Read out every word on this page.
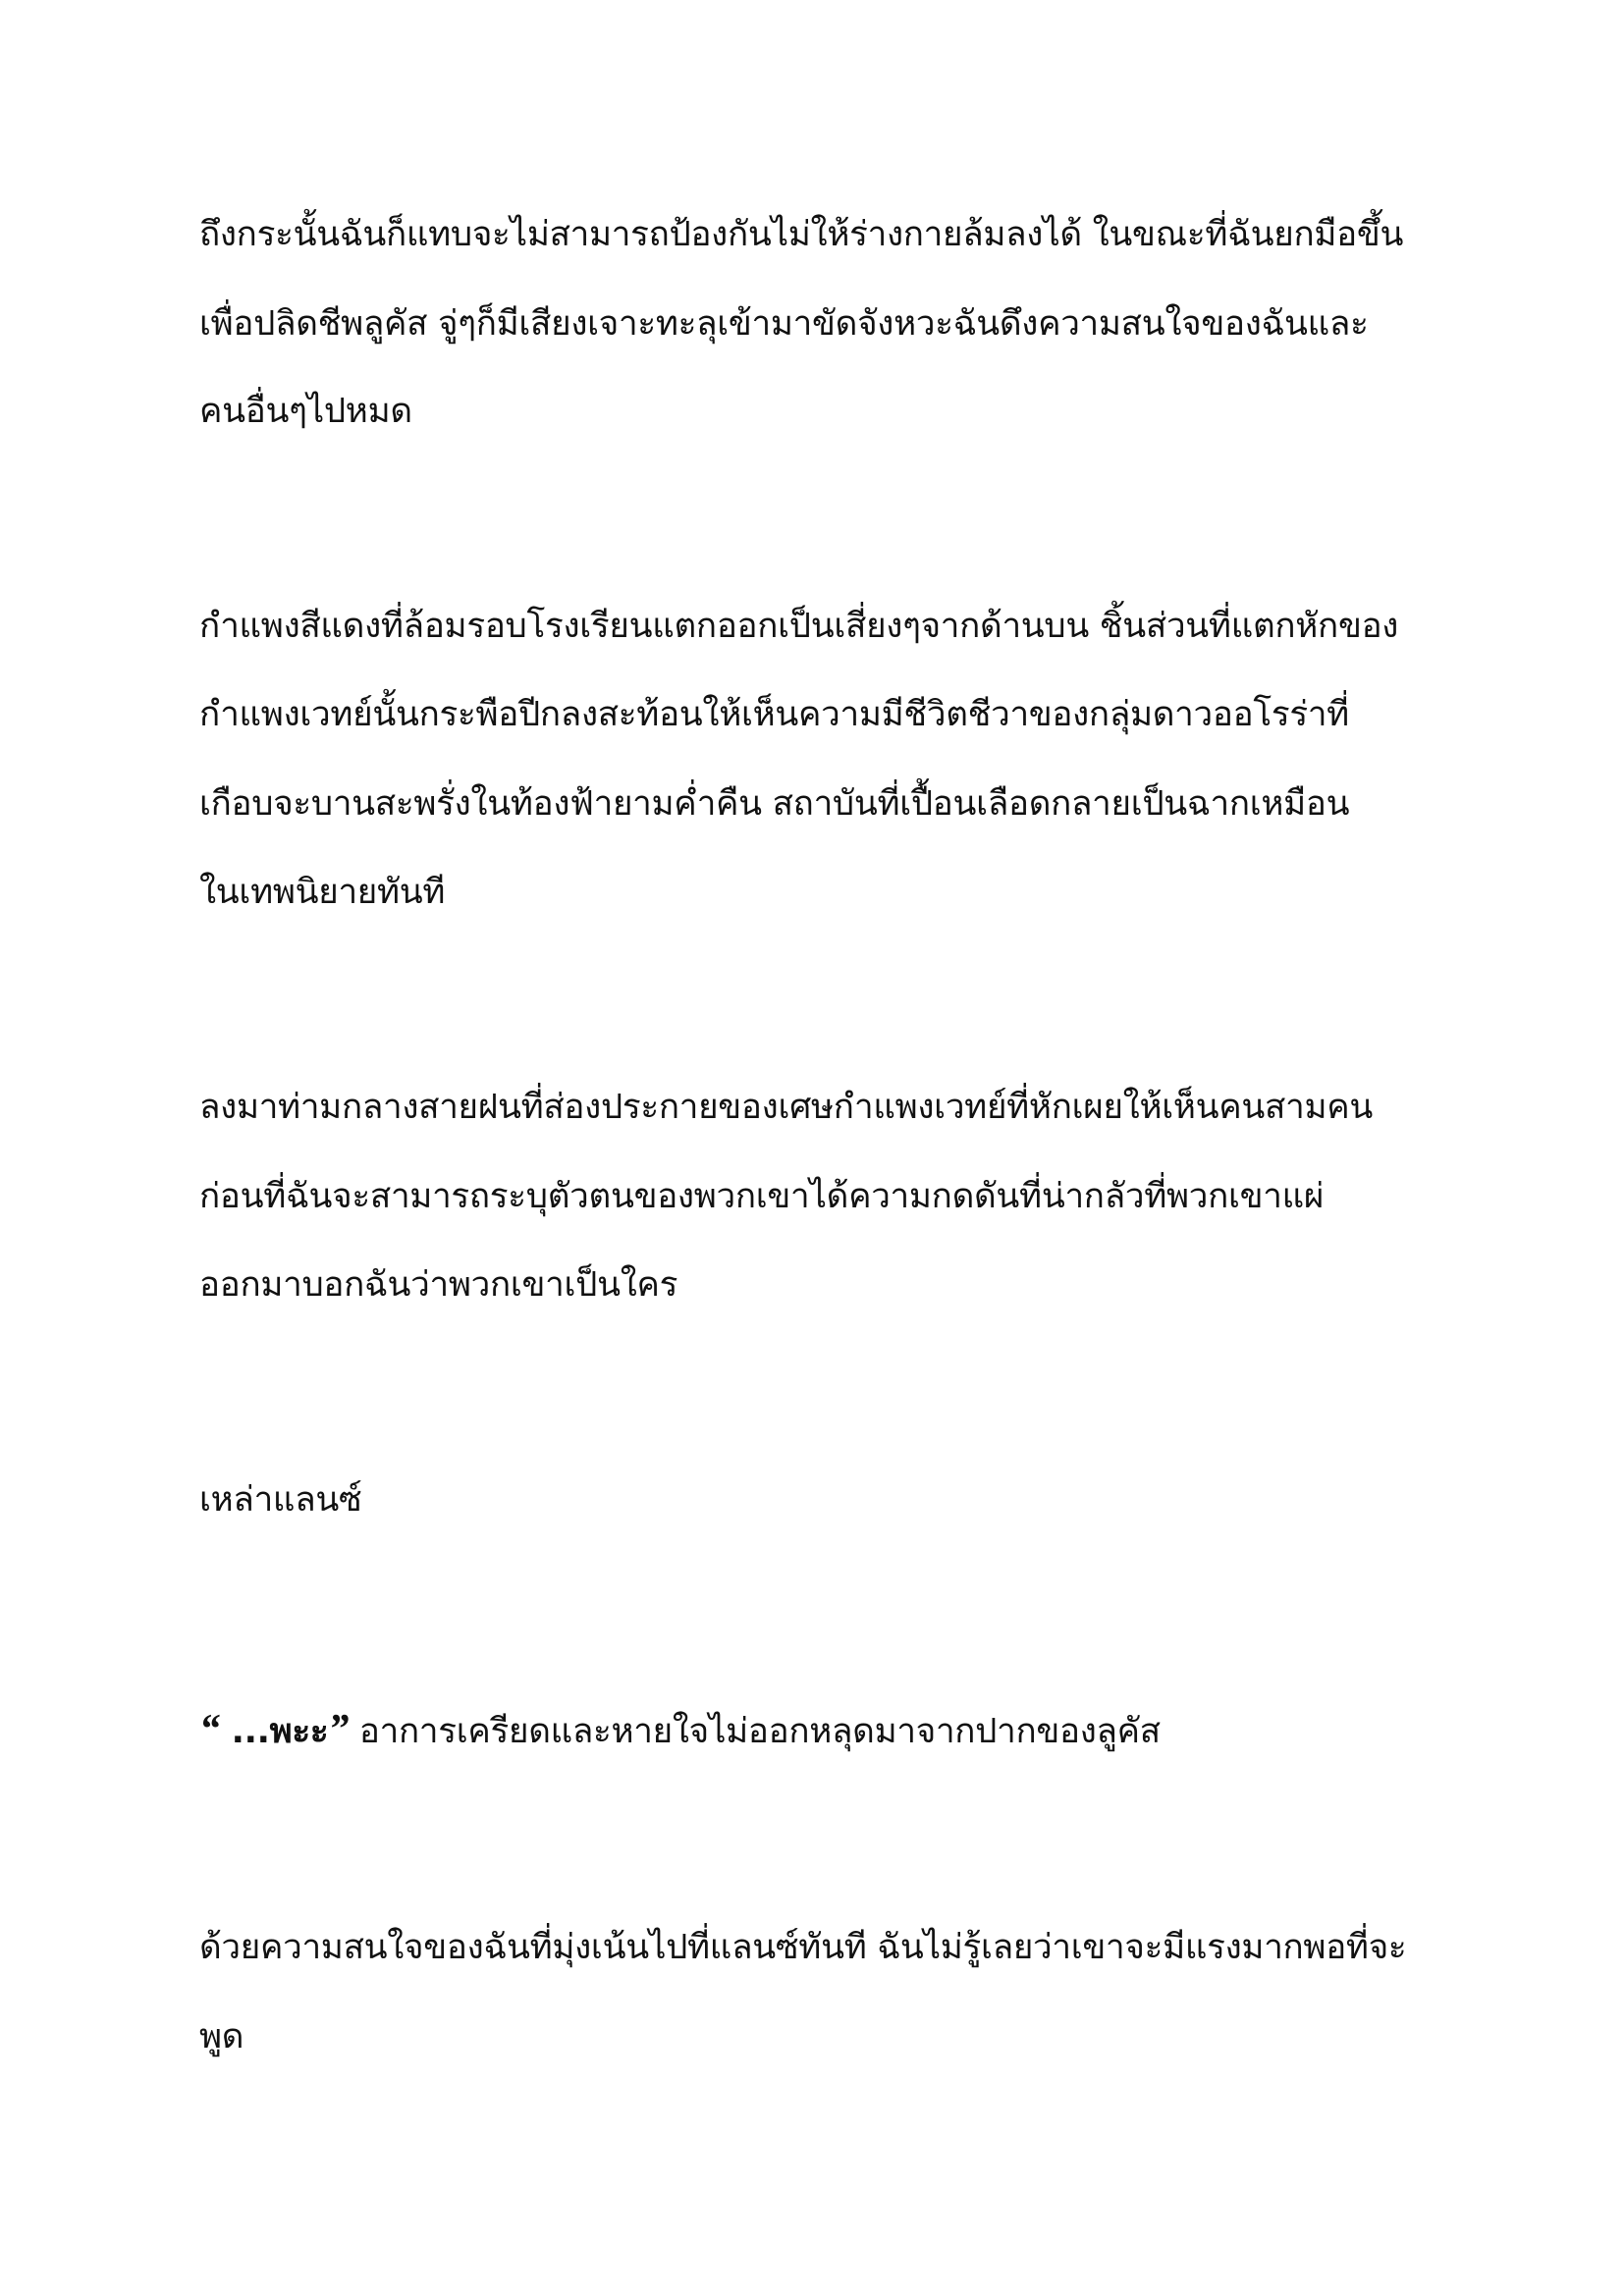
ถึงกระนั้นฉันก็แทบจะไม่สามารถป้องกันไม่ให้ร่างกายล้มลงได้ ในขณะที่ฉันยกมือขึ้น
เพื่อปลิดชีพลูคัส จู่ๆก็มีเสียงเจาะทะลุเข้ามาขัดจังหวะฉันดึงความสนใจของฉันและ
คนอื่นๆไปหมด
กำแพงสีแดงที่ล้อมรอบโรงเรียนแตกออกเป็นเสี่ยงๆจากด้านบน ชิ้นส่วนที่แตกหักของ
กำแพงเวทย์นั้นกระพือปีกลงสะท้อนให้เห็นความมีชีวิตชีวาของกลุ่มดาวออโรร่าที่
เกือบจะบานสะพรั่งในท้องฟ้ายามค่ำคืน สถาบันที่เปื้อนเลือดกลายเป็นฉากเหมือน
ในเทพนิยายทันที
ลงมาท่ามกลางสายฝนที่ส่องประกายของเศษกำแพงเวทย์ที่หักเผยให้เห็นคนสามคน
ก่อนที่ฉันจะสามารถระบุตัวตนของพวกเขาได้ความกดดันที่น่ากลัวที่พวกเขาแผ่
ออกมาบอกฉันว่าพวกเขาเป็นใคร
เหล่าแลนซ์
“ ...พะะ” อาการเครียดและหายใจไม่ออกหลุดมาจากปากของลูคัส
ด้วยความสนใจของฉันที่มุ่งเน้นไปที่แลนซ์ทันที ฉันไม่รู้เลยว่าเขาจะมีแรงมากพอที่จะ
พูด
